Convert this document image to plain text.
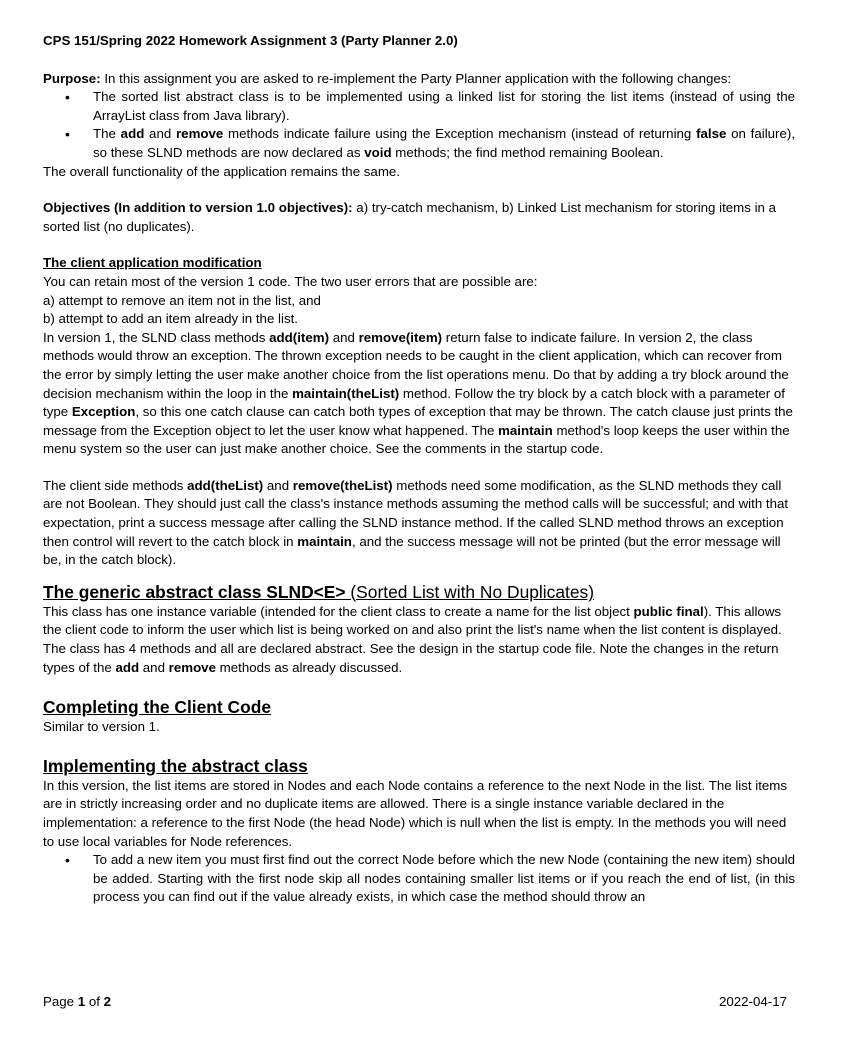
CPS 151/Spring 2022 Homework Assignment 3 (Party Planner 2.0)

Purpose: In this assignment you are asked to re-implement the Party Planner application with the following changes:

• The sorted list abstract class is to be implemented using a linked list for storing the list items (instead of using the ArrayList class from Java library).
• The add and remove methods indicate failure using the Exception mechanism (instead of returning false on failure), so these SLND methods are now declared as void methods; the find method remaining Boolean.

The overall functionality of the application remains the same.

Objectives (In addition to version 1.0 objectives): a) try-catch mechanism, b) Linked List mechanism for storing items in a sorted list (no duplicates).

The client application modification

You can retain most of the version 1 code. The two user errors that are possible are:

a) attempt to remove an item not in the list, and

b) attempt to add an item already in the list.

In version 1, the SLND class methods add(item) and remove(item) return false to indicate failure. In version 2, the class methods would throw an exception. The thrown exception needs to be caught in the client application, which can recover from the error by simply letting the user make another choice from the list operations menu. Do that by adding a try block around the decision mechanism within the loop in the maintain(theList) method. Follow the try block by a catch block with a parameter of type Exception, so this one catch clause can catch both types of exception that may be thrown. The catch clause just prints the message from the Exception object to let the user know what happened. The maintain method's loop keeps the user within the menu system so the user can just make another choice. See the comments in the startup code.

The client side methods add(theList) and remove(theList) methods need some modification, as the SLND methods they call are not Boolean. They should just call the class's instance methods assuming the method calls will be successful; and with that expectation, print a success message after calling the SLND instance method. If the called SLND method throws an exception then control will revert to the catch block in maintain, and the success message will not be printed (but the error message will be, in the catch block).

The generic abstract class SLND<E> (Sorted List with No Duplicates)

This class has one instance variable (intended for the client class to create a name for the list object public final). This allows the client code to inform the user which list is being worked on and also print the list's name when the list content is displayed.

The class has 4 methods and all are declared abstract. See the design in the startup code file. Note the changes in the return types of the add and remove methods as already discussed.

Completing the Client Code

Similar to version 1.

Implementing the abstract class

In this version, the list items are stored in Nodes and each Node contains a reference to the next Node in the list. The list items are in strictly increasing order and no duplicate items are allowed. There is a single instance variable declared in the implementation: a reference to the first Node (the head Node) which is null when the list is empty. In the methods you will need to use local variables for Node references.

• To add a new item you must first find out the correct Node before which the new Node (containing the new item) should be added. Starting with the first node skip all nodes containing smaller list items or if you reach the end of list, (in this process you can find out if the value already exists, in which case the method should throw an
Page 1 of 2	2022-04-17
